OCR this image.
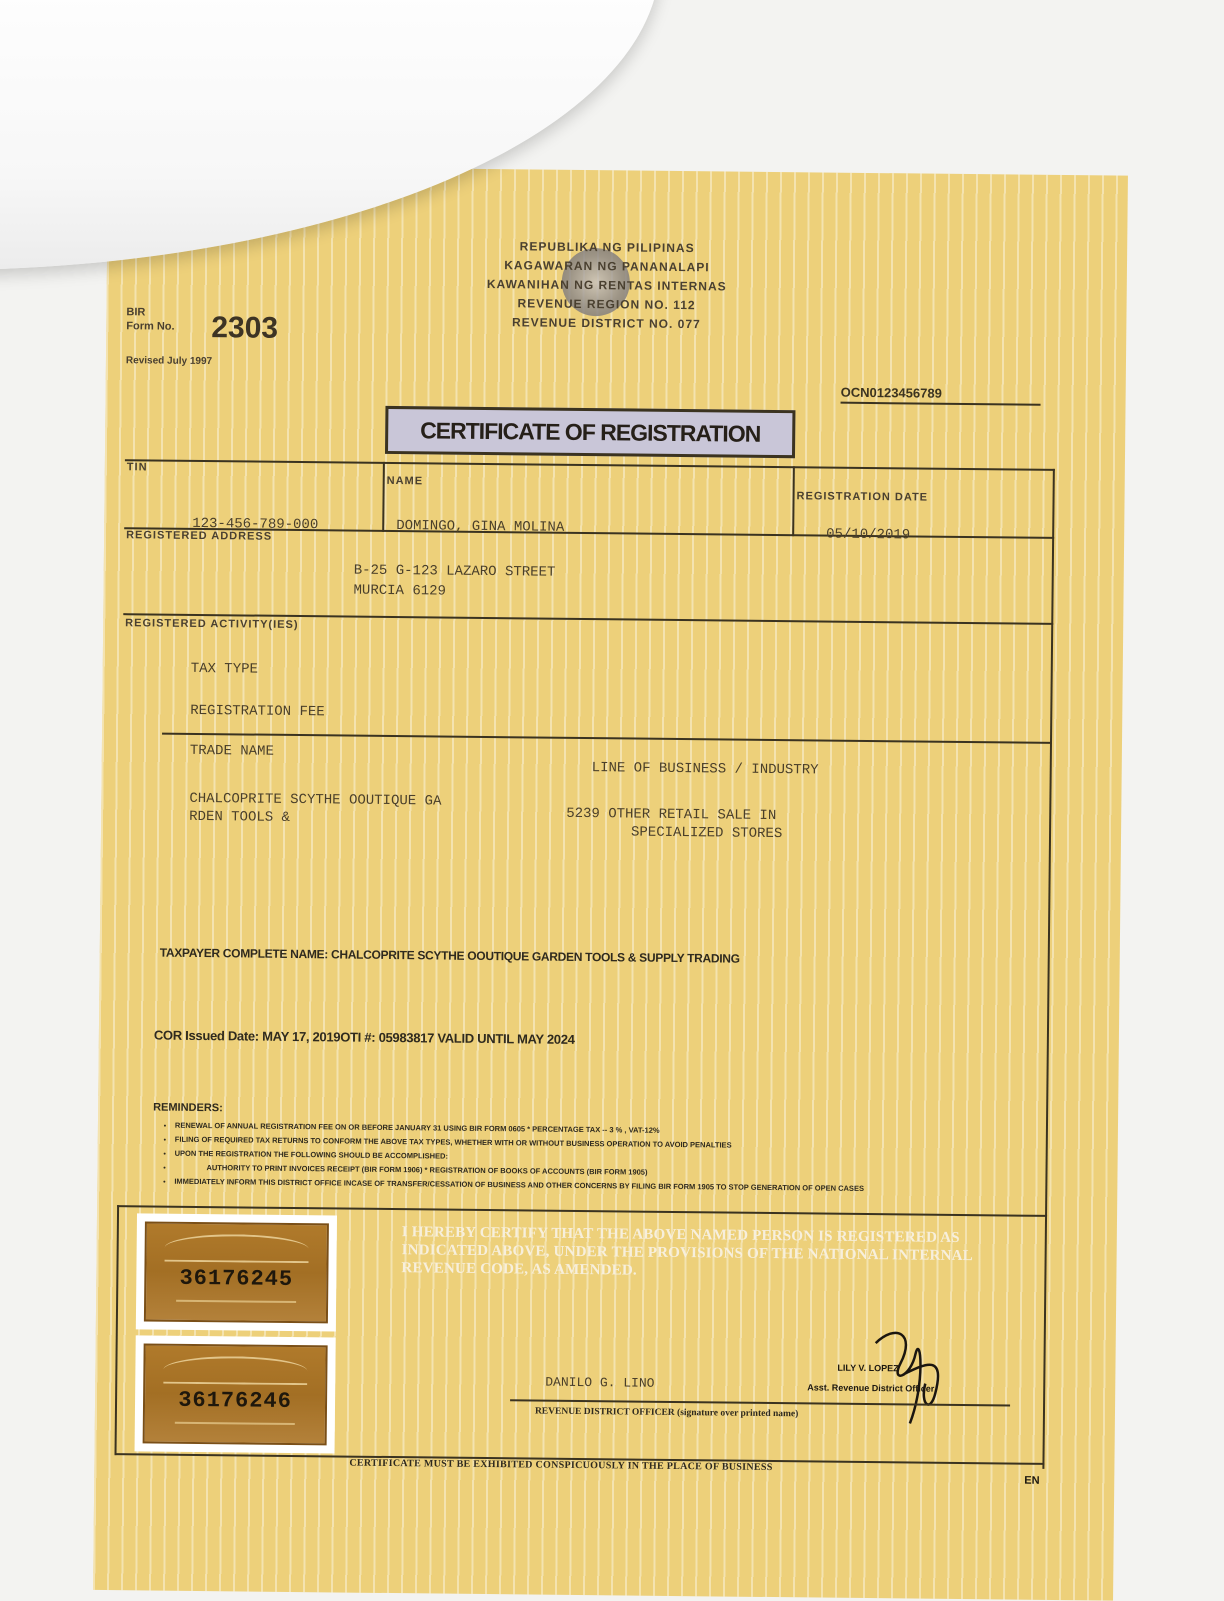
REPUBLIKA NG PILIPINAS
KAGAWARAN NG PANANALAPI
KAWANIHAN NG RENTAS INTERNAS
REVENUE REGION NO. 112
REVENUE DISTRICT NO. 077
BIR
Form No. 2303
Revised July 1997
OCN0123456789
CERTIFICATE OF REGISTRATION
TIN
123-456-789-000
NAME
DOMINGO, GINA MOLINA
REGISTRATION DATE
05/10/2019
REGISTERED ADDRESS
B-25 G-123 LAZARO STREET
MURCIA 6129
REGISTERED ACTIVITY(IES)
TAX TYPE
REGISTRATION FEE
TRADE NAME
LINE OF BUSINESS / INDUSTRY
CHALCOPRITE SCYTHE OOUTIQUE GA
RDEN TOOLS &	5239 OTHER RETAIL SALE IN
SPECIALIZED STORES
TAXPAYER COMPLETE NAME: CHALCOPRITE SCYTHE OOUTIQUE GARDEN TOOLS & SUPPLY TRADING
COR Issued Date: MAY 17, 2019OTI #: 05983817 VALID UNTIL MAY 2024
REMINDERS:
• RENEWAL OF ANNUAL REGISTRATION FEE ON OR BEFORE JANUARY 31 USING BIR FORM 0605 * PERCENTAGE TAX -- 3 % , VAT-12%
• FILING OF REQUIRED TAX RETURNS TO CONFORM THE ABOVE TAX TYPES, WHETHER WITH OR WITHOUT BUSINESS OPERATION TO AVOID PENALTIES
• UPON THE REGISTRATION THE FOLLOWING SHOULD BE ACCOMPLISHED:
• AUTHORITY TO PRINT INVOICES RECEIPT (BIR FORM 1906) * REGISTRATION OF BOOKS OF ACCOUNTS (BIR FORM 1905)
• IMMEDIATELY INFORM THIS DISTRICT OFFICE INCASE OF TRANSFER/CESSATION OF BUSINESS AND OTHER CONCERNS BY FILING BIR FORM 1905 TO STOP GENERATION OF OPEN CASES
I HEREBY CERTIFY THAT THE ABOVE NAMED PERSON IS REGISTERED AS INDICATED ABOVE, UNDER THE PROVISIONS OF THE NATIONAL INTERNAL REVENUE CODE, AS AMENDED.
36176245
36176246
DANILO G. LINO
LILY V. LOPEZ
Asst. Revenue District Officer
REVENUE DISTRICT OFFICER (signature over printed name)
CERTIFICATE MUST BE EXHIBITED CONSPICUOUSLY IN THE PLACE OF BUSINESS
EN
